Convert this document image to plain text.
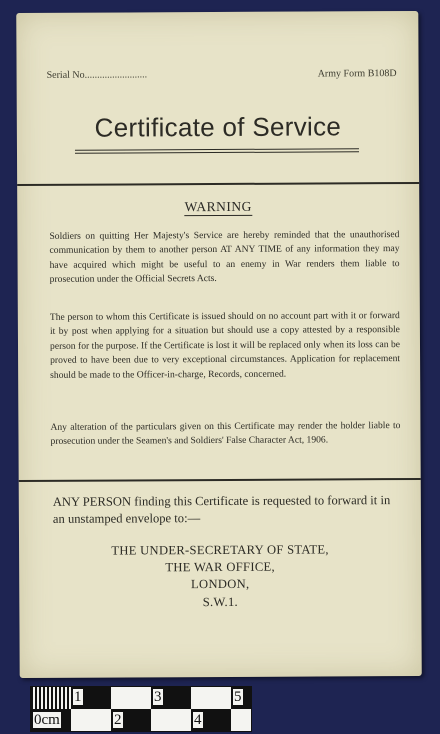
Serial No.........................	Army Form B108D
Certificate of Service
WARNING
Soldiers on quitting Her Majesty's Service are hereby reminded that the unauthorised communication by them to another person AT ANY TIME of any information they may have acquired which might be useful to an enemy in War renders them liable to prosecution under the Official Secrets Acts.
The person to whom this Certificate is issued should on no account part with it or forward it by post when applying for a situation but should use a copy attested by a responsible person for the purpose. If the Certificate is lost it will be replaced only when its loss can be proved to have been due to very exceptional circumstances. Application for replacement should be made to the Officer-in-charge, Records, concerned.
Any alteration of the particulars given on this Certificate may render the holder liable to prosecution under the Seamen's and Soldiers' False Character Act, 1906.
ANY PERSON finding this Certificate is requested to forward it in an unstamped envelope to:—
THE UNDER-SECRETARY OF STATE,
THE WAR OFFICE,
LONDON,
S.W.1.
1	3	5
0cm	2	4
